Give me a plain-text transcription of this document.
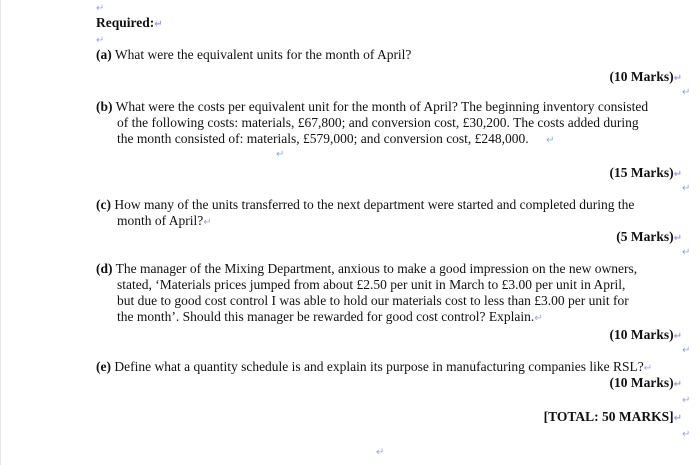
↵
Required:↵
↵
(a) What were the equivalent units for the month of April?
(10 Marks)↵
↵
(b) What were the costs per equivalent unit for the month of April? The beginning inventory consisted
of the following costs: materials, £67,800; and conversion cost, £30,200. The costs added during
the month consisted of: materials, £579,000; and conversion cost, £248,000. ↵
↵
(15 Marks)↵
↵
(c) How many of the units transferred to the next department were started and completed during the
month of April?↵
(5 Marks)↵
↵
(d) The manager of the Mixing Department, anxious to make a good impression on the new owners,
stated, ‘Materials prices jumped from about £2.50 per unit in March to £3.00 per unit in April,
but due to good cost control I was able to hold our materials cost to less than £3.00 per unit for
the month’. Should this manager be rewarded for good cost control? Explain.↵
(10 Marks)↵
↵
(e) Define what a quantity schedule is and explain its purpose in manufacturing companies like RSL?↵
(10 Marks)↵
↵
[TOTAL: 50 MARKS]↵
↵
↵
